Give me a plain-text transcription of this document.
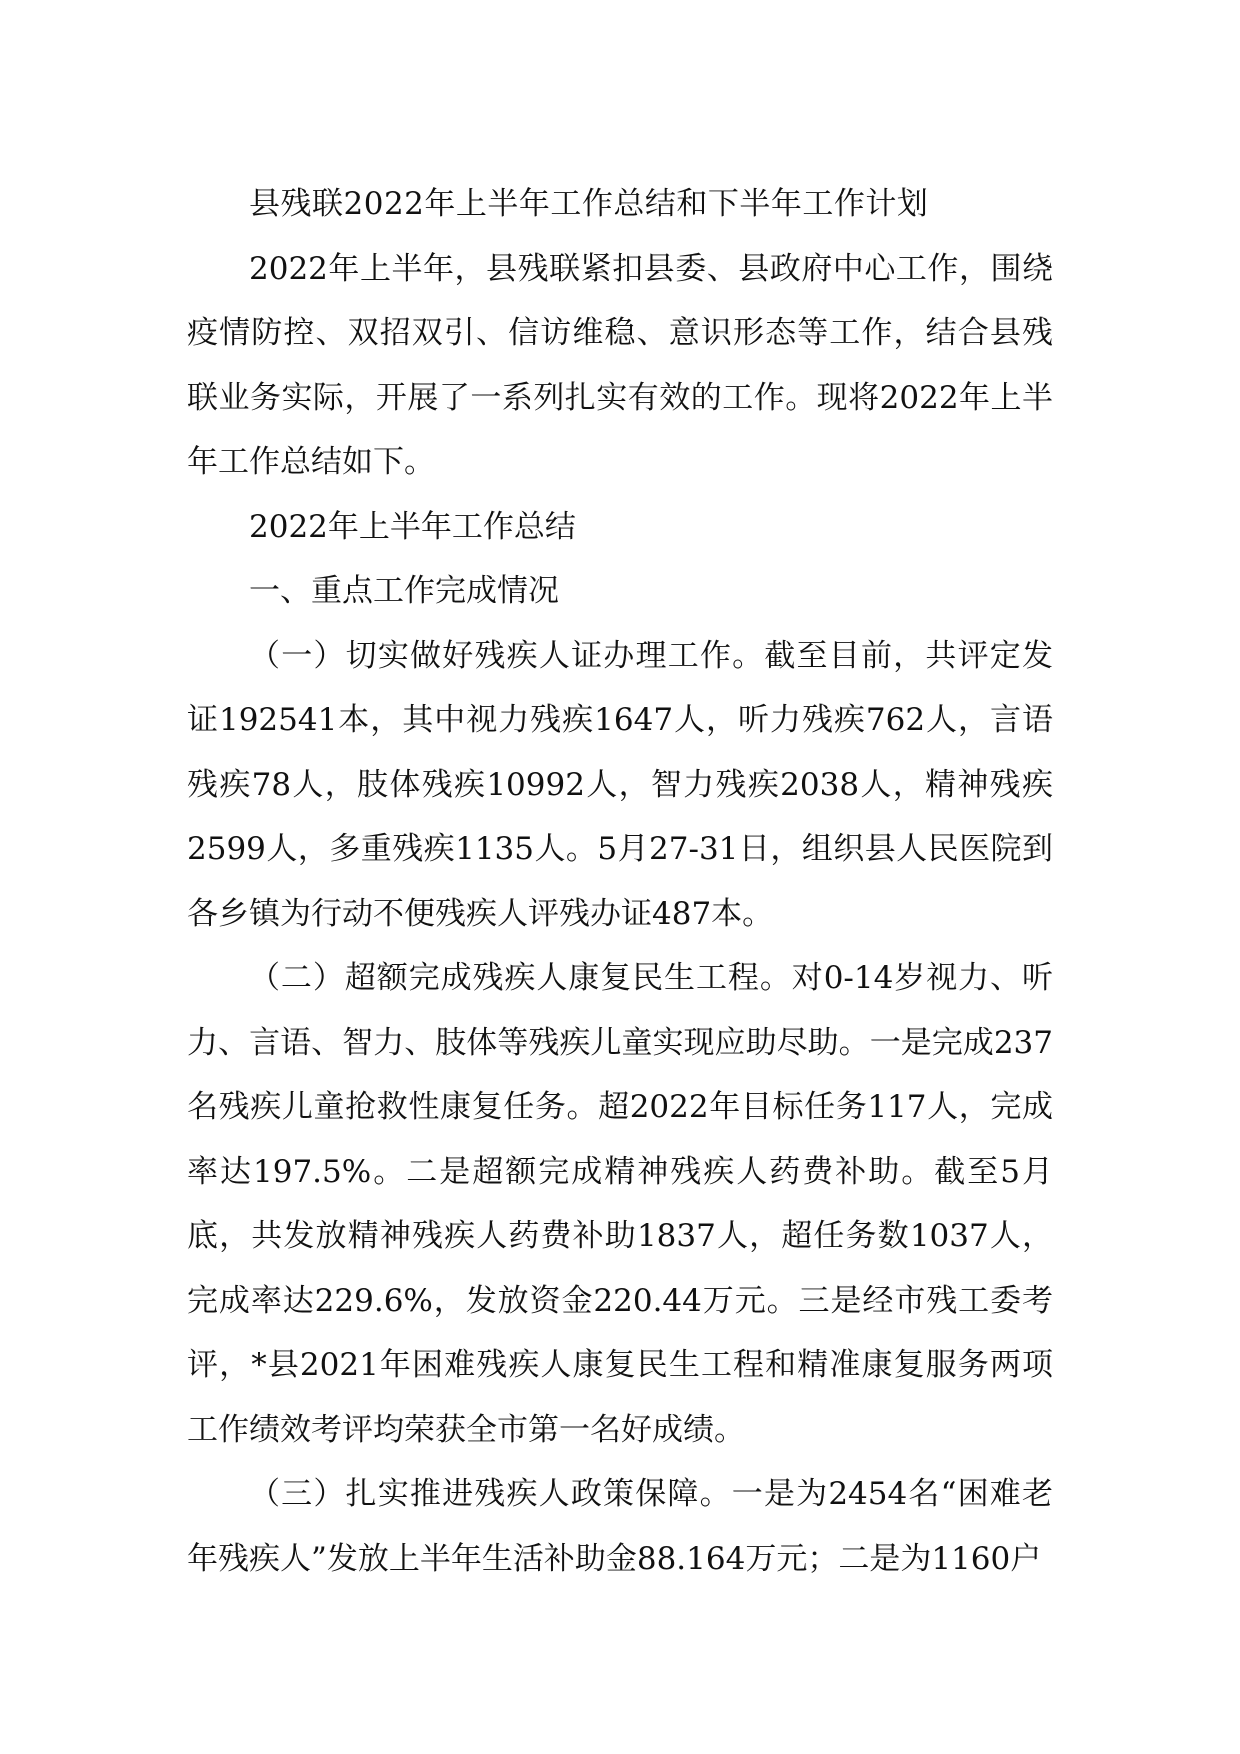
县残联2022年上半年工作总结和下半年工作计划

2022年上半年，县残联紧扣县委、县政府中心工作，围绕疫情防控、双招双引、信访维稳、意识形态等工作，结合县残联业务实际，开展了一系列扎实有效的工作。现将2022年上半年工作总结如下。

2022年上半年工作总结

一、重点工作完成情况

（一）切实做好残疾人证办理工作。截至目前，共评定发证192541本，其中视力残疾1647人，听力残疾762人，言语残疾78人，肢体残疾10992人，智力残疾2038人，精神残疾2599人，多重残疾1135人。5月27-31日，组织县人民医院到各乡镇为行动不便残疾人评残办证487本。

（二）超额完成残疾人康复民生工程。对0-14岁视力、听力、言语、智力、肢体等残疾儿童实现应助尽助。一是完成237名残疾儿童抢救性康复任务。超2022年目标任务117人，完成率达197.5%。二是超额完成精神残疾人药费补助。截至5月底，共发放精神残疾人药费补助1837人，超任务数1037人，完成率达229.6%，发放资金220.44万元。三是经市残工委考评，*县2021年困难残疾人康复民生工程和精准康复服务两项工作绩效考评均荣获全市第一名好成绩。

（三）扎实推进残疾人政策保障。一是为2454名“困难老年残疾人”发放上半年生活补助金88.164万元；二是为1160户
